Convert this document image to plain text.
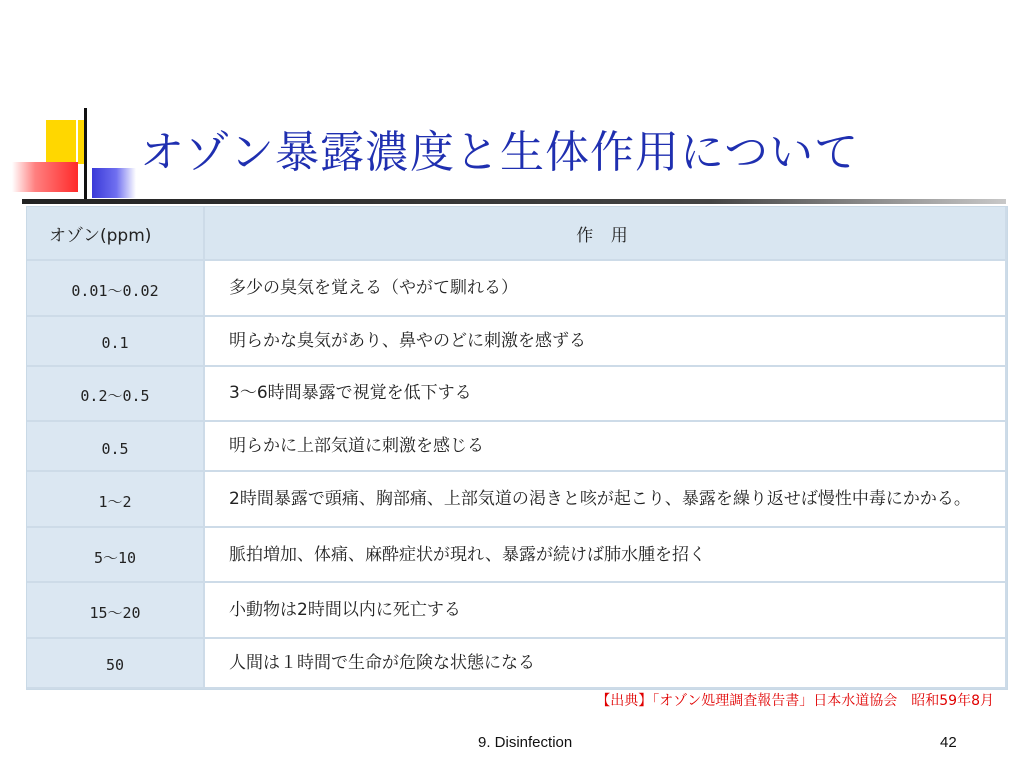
オゾン暴露濃度と生体作用について
オゾン(ppm)	作 用
0.01〜0.02	多少の臭気を覚える（やがて馴れる）
0.1	明らかな臭気があり、鼻やのどに刺激を感ずる
0.2〜0.5	3〜6時間暴露で視覚を低下する
0.5	明らかに上部気道に刺激を感じる
1〜2	2時間暴露で頭痛、胸部痛、上部気道の渇きと咳が起こり、暴露を繰り返せば慢性中毒にかかる。
5〜10	脈拍増加、体痛、麻酔症状が現れ、暴露が続けば肺水腫を招く
15〜20	小動物は2時間以内に死亡する
50	人間は１時間で生命が危険な状態になる

【出典】「オゾン処理調査報告書」日本水道協会　昭和59年8月

9. Disinfection	42
